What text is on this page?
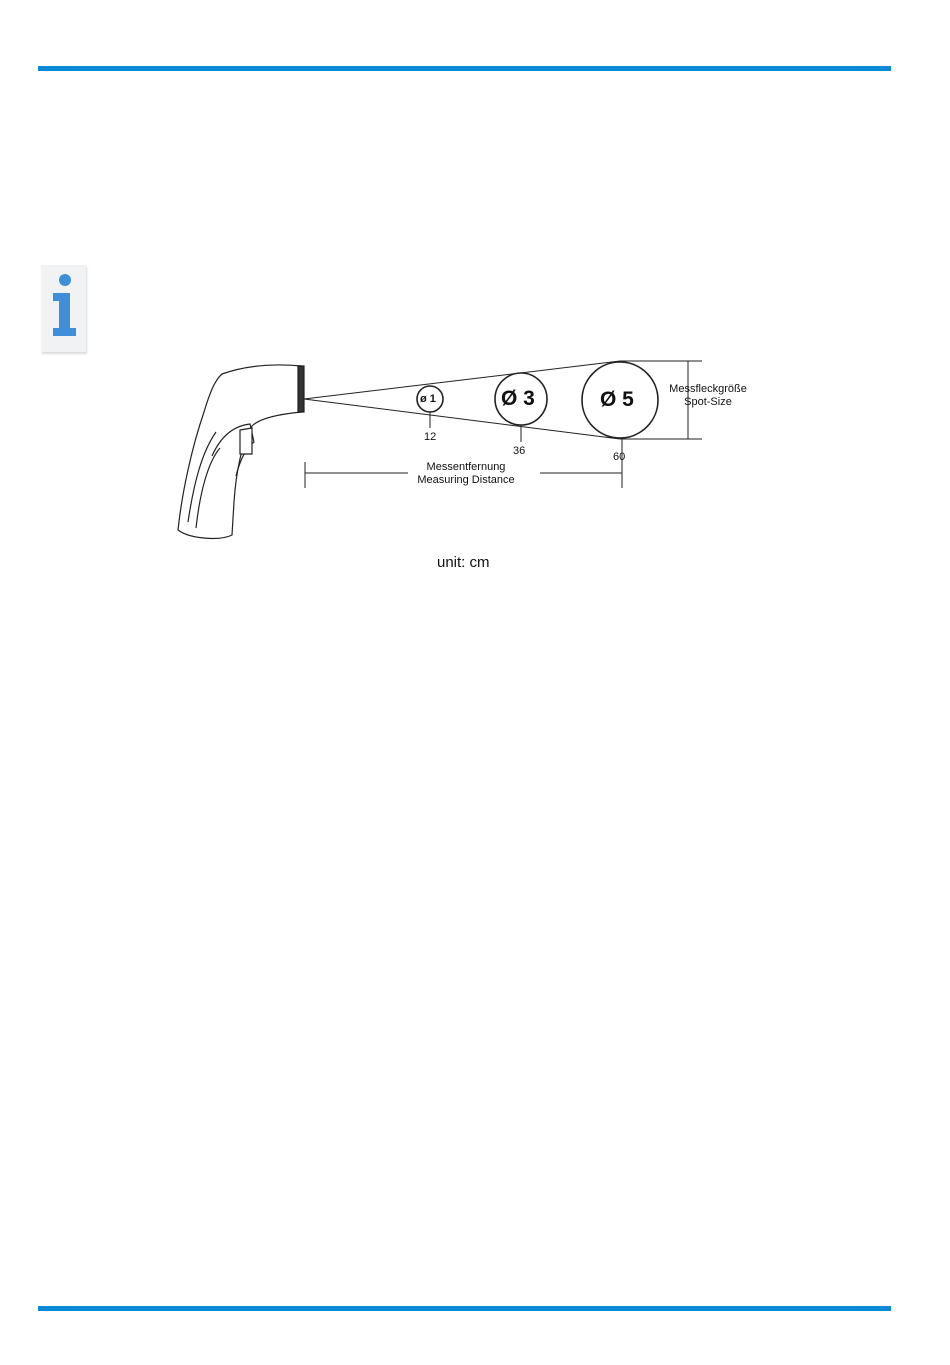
ø 1	Ø 3	Ø 5
12
36	60
Messentfernung
Measuring Distance
Messfleckgröße
Spot-Size
unit: cm
